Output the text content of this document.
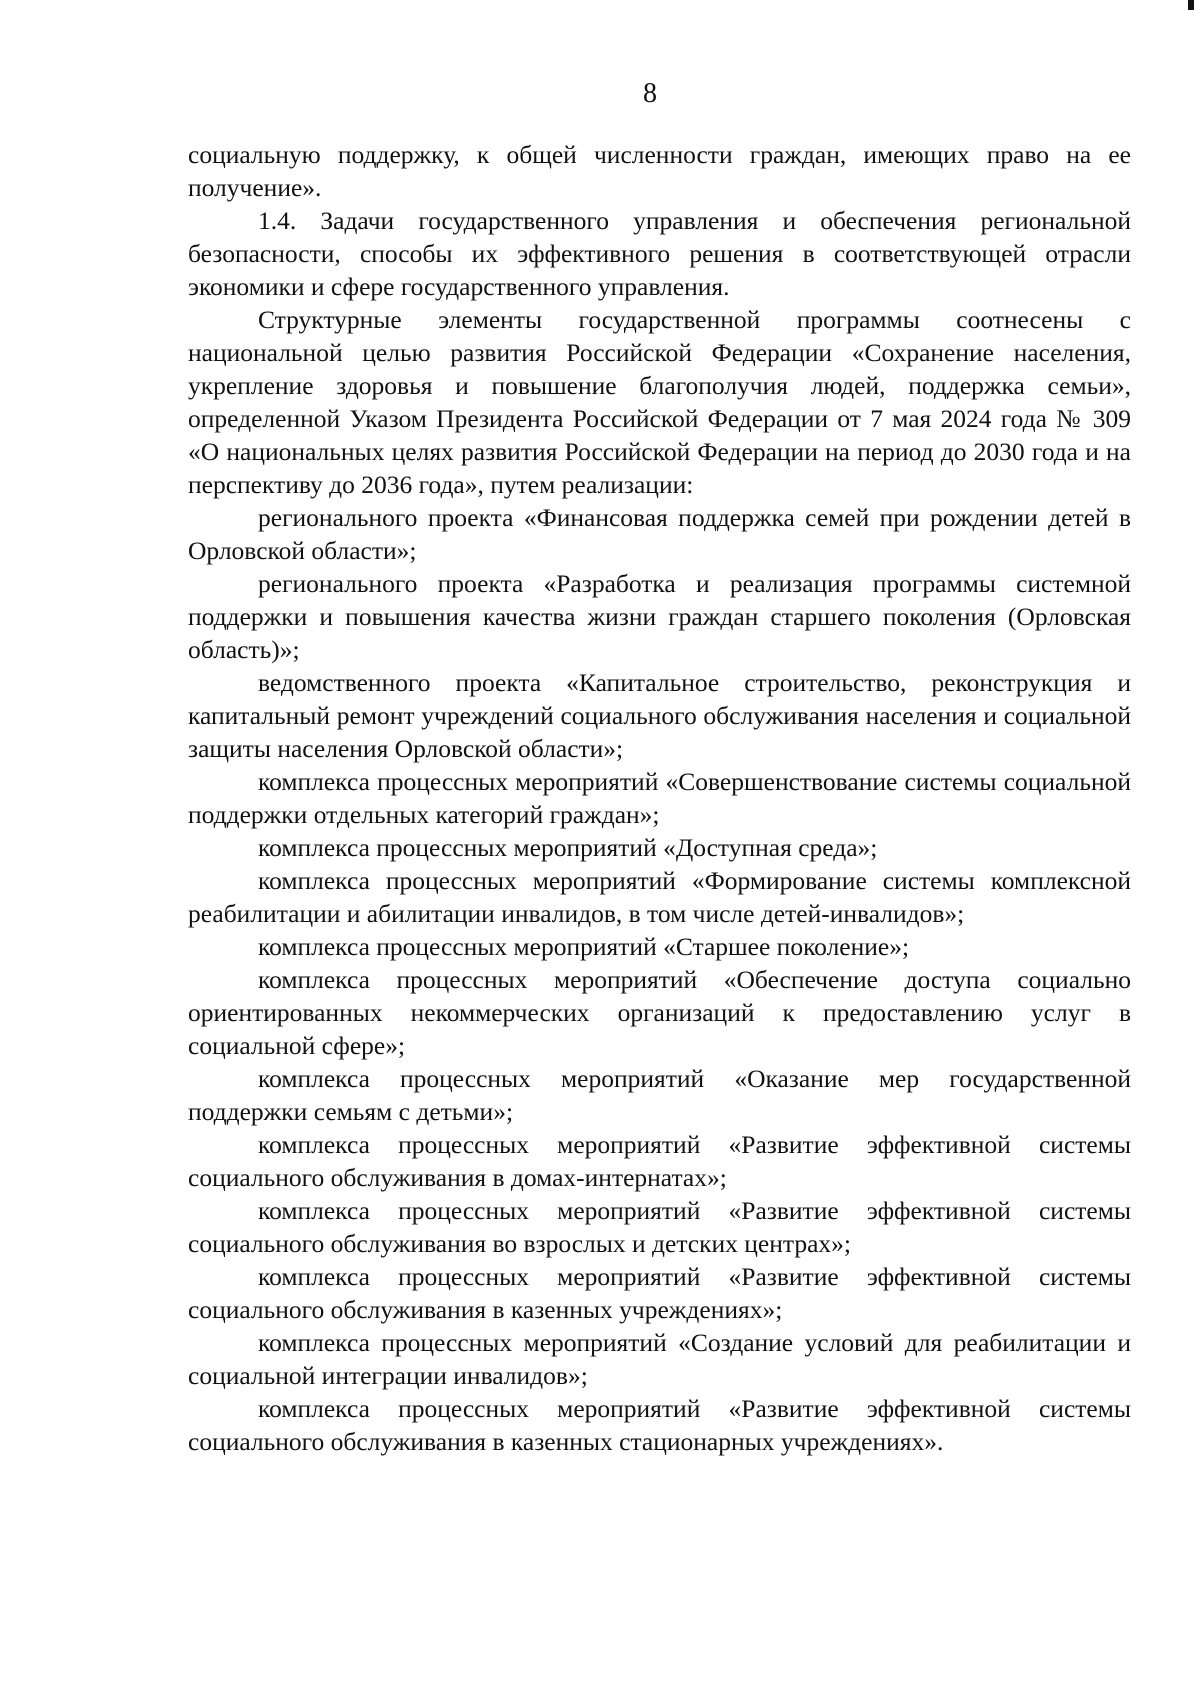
8

социальную поддержку, к общей численности граждан, имеющих право на ее получение».

1.4. Задачи государственного управления и обеспечения региональной безопасности, способы их эффективного решения в соответствующей отрасли экономики и сфере государственного управления.

Структурные элементы государственной программы соотнесены с национальной целью развития Российской Федерации «Сохранение населения, укрепление здоровья и повышение благополучия людей, поддержка семьи», определенной Указом Президента Российской Федерации от 7 мая 2024 года № 309 «О национальных целях развития Российской Федерации на период до 2030 года и на перспективу до 2036 года», путем реализации:

регионального проекта «Финансовая поддержка семей при рождении детей в Орловской области»;

регионального проекта «Разработка и реализация программы системной поддержки и повышения качества жизни граждан старшего поколения (Орловская область)»;

ведомственного проекта «Капитальное строительство, реконструкция и капитальный ремонт учреждений социального обслуживания населения и социальной защиты населения Орловской области»;

комплекса процессных мероприятий «Совершенствование системы социальной поддержки отдельных категорий граждан»;

комплекса процессных мероприятий «Доступная среда»;

комплекса процессных мероприятий «Формирование системы комплексной реабилитации и абилитации инвалидов, в том числе детей-инвалидов»;

комплекса процессных мероприятий «Старшее поколение»;

комплекса процессных мероприятий «Обеспечение доступа социально ориентированных некоммерческих организаций к предоставлению услуг в социальной сфере»;

комплекса процессных мероприятий «Оказание мер государственной поддержки семьям с детьми»;

комплекса процессных мероприятий «Развитие эффективной системы социального обслуживания в домах-интернатах»;

комплекса процессных мероприятий «Развитие эффективной системы социального обслуживания во взрослых и детских центрах»;

комплекса процессных мероприятий «Развитие эффективной системы социального обслуживания в казенных учреждениях»;

комплекса процессных мероприятий «Создание условий для реабилитации и социальной интеграции инвалидов»;

комплекса процессных мероприятий «Развитие эффективной системы социального обслуживания в казенных стационарных учреждениях».
